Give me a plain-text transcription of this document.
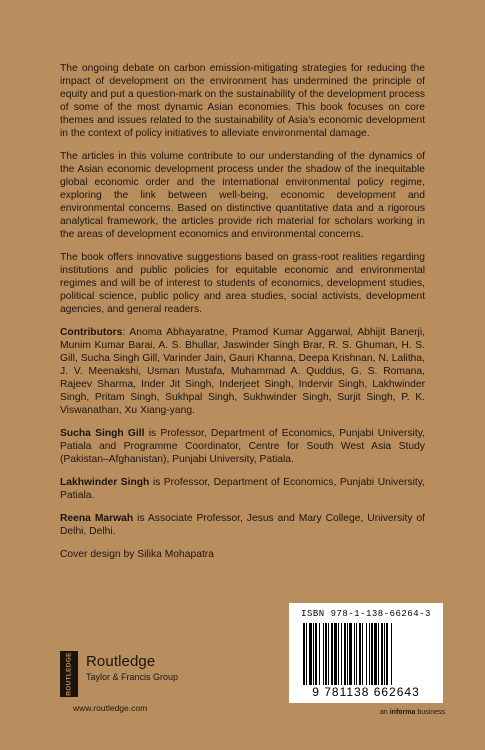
The ongoing debate on carbon emission-mitigating strategies for reducing the impact of development on the environment has undermined the principle of equity and put a question-mark on the sustainability of the development process of some of the most dynamic Asian economies. This book focuses on core themes and issues related to the sustainability of Asia’s economic development in the context of policy initiatives to alleviate environmental damage.

The articles in this volume contribute to our understanding of the dynamics of the Asian economic development process under the shadow of the inequitable global economic order and the international environmental policy regime, exploring the link between well-being, economic development and environmental concerns. Based on distinctive quantitative data and a rigorous analytical framework, the articles provide rich material for scholars working in the areas of development economics and environmental concerns.

The book offers innovative suggestions based on grass-root realities regarding institutions and public policies for equitable economic and environmental regimes and will be of interest to students of economics, development studies, political science, public policy and area studies, social activists, development agencies, and general readers.

Contributors: Anoma Abhayaratne, Pramod Kumar Aggarwal, Abhijit Banerji, Munim Kumar Barai, A. S. Bhullar, Jaswinder Singh Brar, R. S. Ghuman, H. S. Gill, Sucha Singh Gill, Varinder Jain, Gauri Khanna, Deepa Krishnan, N. Lalitha, J. V. Meenakshi, Usman Mustafa, Muhammad A. Quddus, G. S. Romana, Rajeev Sharma, Inder Jit Singh, Inderjeet Singh, Indervir Singh, Lakhwinder Singh, Pritam Singh, Sukhpal Singh, Sukhwinder Singh, Surjit Singh, P. K. Viswanathan, Xu Xiang-yang.

Sucha Singh Gill is Professor, Department of Economics, Punjabi University, Patiala and Programme Coordinator, Centre for South West Asia Study (Pakistan–Afghanistan), Punjabi University, Patiala.

Lakhwinder Singh is Professor, Department of Economics, Punjabi University, Patiala.

Reena Marwah is Associate Professor, Jesus and Mary College, University of Delhi, Delhi.

Cover design by Silika Mohapatra

ROUTLEDGE Routledge
Taylor & Francis Group
www.routledge.com
ISBN 978-1-138-66264-3
9 781138 662643
an informa business
